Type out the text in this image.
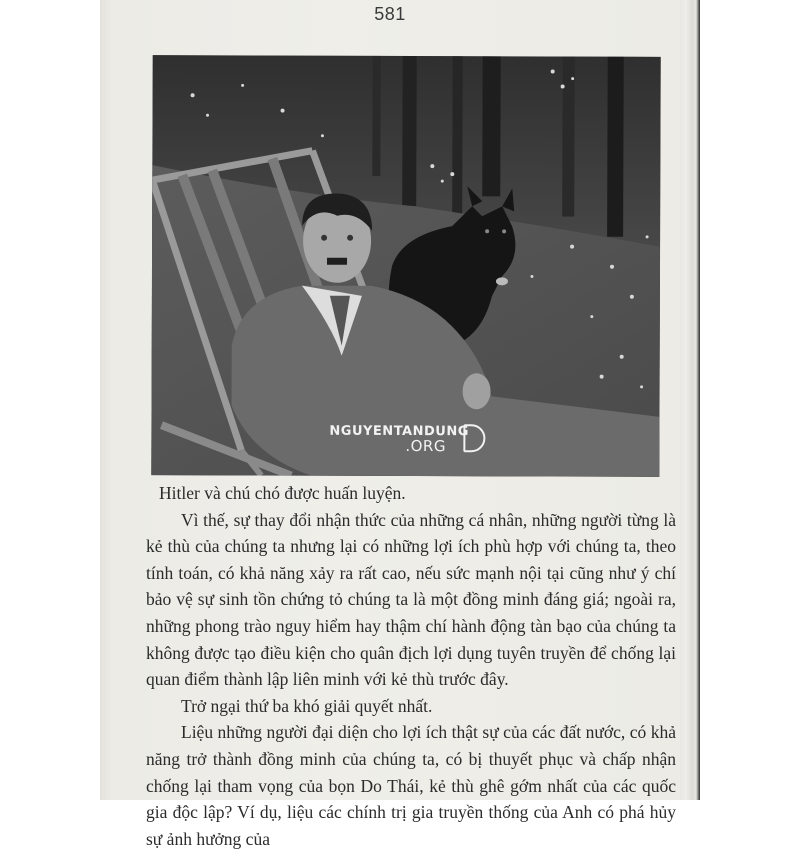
581
NGUYENTANDUNG
.ORG

Hitler và chú chó được huấn luyện.

Vì thế, sự thay đổi nhận thức của những cá nhân, những người từng là kẻ thù của chúng ta nhưng lại có những lợi ích phù hợp với chúng ta, theo tính toán, có khả năng xảy ra rất cao, nếu sức mạnh nội tại cũng như ý chí bảo vệ sự sinh tồn chứng tỏ chúng ta là một đồng minh đáng giá; ngoài ra, những phong trào nguy hiểm hay thậm chí hành động tàn bạo của chúng ta không được tạo điều kiện cho quân địch lợi dụng tuyên truyền để chống lại quan điểm thành lập liên minh với kẻ thù trước đây.

Trở ngại thứ ba khó giải quyết nhất.

Liệu những người đại diện cho lợi ích thật sự của các đất nước, có khả năng trở thành đồng minh của chúng ta, có bị thuyết phục và chấp nhận chống lại tham vọng của bọn Do Thái, kẻ thù ghê gớm nhất của các quốc gia độc lập? Ví dụ, liệu các chính trị gia truyền thống của Anh có phá hủy sự ảnh hưởng của
